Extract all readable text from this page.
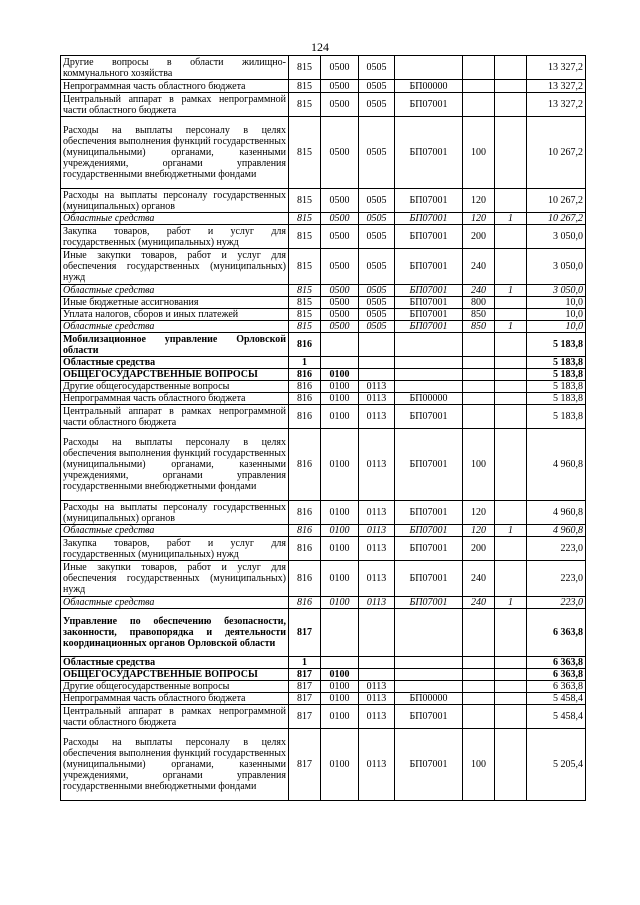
124
Другие вопросы в области жилищно-коммунального хозяйства	815	0500	0505				13 327,2
Непрограммная часть областного бюджета	815	0500	0505	БП00000			13 327,2
Центральный аппарат в рамках непрограммной части областного бюджета	815	0500	0505	БП07001			13 327,2
Расходы на выплаты персоналу в целях обеспечения выполнения функций государственных (муниципальными) органами, казенными учреждениями, органами управления государственными внебюджетными фондами	815	0500	0505	БП07001	100		10 267,2
Расходы на выплаты персоналу государственных (муниципальных) органов	815	0500	0505	БП07001	120		10 267,2
Областные средства	815	0500	0505	БП07001	120	1	10 267,2
Закупка товаров, работ и услуг для государственных (муниципальных) нужд	815	0500	0505	БП07001	200		3 050,0
Иные закупки товаров, работ и услуг для обеспечения государственных (муниципальных) нужд	815	0500	0505	БП07001	240		3 050,0
Областные средства	815	0500	0505	БП07001	240	1	3 050,0
Иные бюджетные ассигнования	815	0500	0505	БП07001	800		10,0
Уплата налогов, сборов и иных платежей	815	0500	0505	БП07001	850		10,0
Областные средства	815	0500	0505	БП07001	850	1	10,0
Мобилизационное управление Орловской области	816						5 183,8
Областные средства	1						5 183,8
ОБЩЕГОСУДАРСТВЕННЫЕ ВОПРОСЫ	816	0100					5 183,8
Другие общегосударственные вопросы	816	0100	0113				5 183,8
Непрограммная часть областного бюджета	816	0100	0113	БП00000			5 183,8
Центральный аппарат в рамках непрограммной части областного бюджета	816	0100	0113	БП07001			5 183,8
Расходы на выплаты персоналу в целях обеспечения выполнения функций государственных (муниципальными) органами, казенными учреждениями, органами управления государственными внебюджетными фондами	816	0100	0113	БП07001	100		4 960,8
Расходы на выплаты персоналу государственных (муниципальных) органов	816	0100	0113	БП07001	120		4 960,8
Областные средства	816	0100	0113	БП07001	120	1	4 960,8
Закупка товаров, работ и услуг для государственных (муниципальных) нужд	816	0100	0113	БП07001	200		223,0
Иные закупки товаров, работ и услуг для обеспечения государственных (муниципальных) нужд	816	0100	0113	БП07001	240		223,0
Областные средства	816	0100	0113	БП07001	240	1	223,0
Управление по обеспечению безопасности, законности, правопорядка и деятельности координационных органов Орловской области	817						6 363,8
Областные средства	1						6 363,8
ОБЩЕГОСУДАРСТВЕННЫЕ ВОПРОСЫ	817	0100					6 363,8
Другие общегосударственные вопросы	817	0100	0113				6 363,8
Непрограммная часть областного бюджета	817	0100	0113	БП00000			5 458,4
Центральный аппарат в рамках непрограммной части областного бюджета	817	0100	0113	БП07001			5 458,4
Расходы на выплаты персоналу в целях обеспечения выполнения функций государственных (муниципальными) органами, казенными учреждениями, органами управления государственными внебюджетными фондами	817	0100	0113	БП07001	100		5 205,4
